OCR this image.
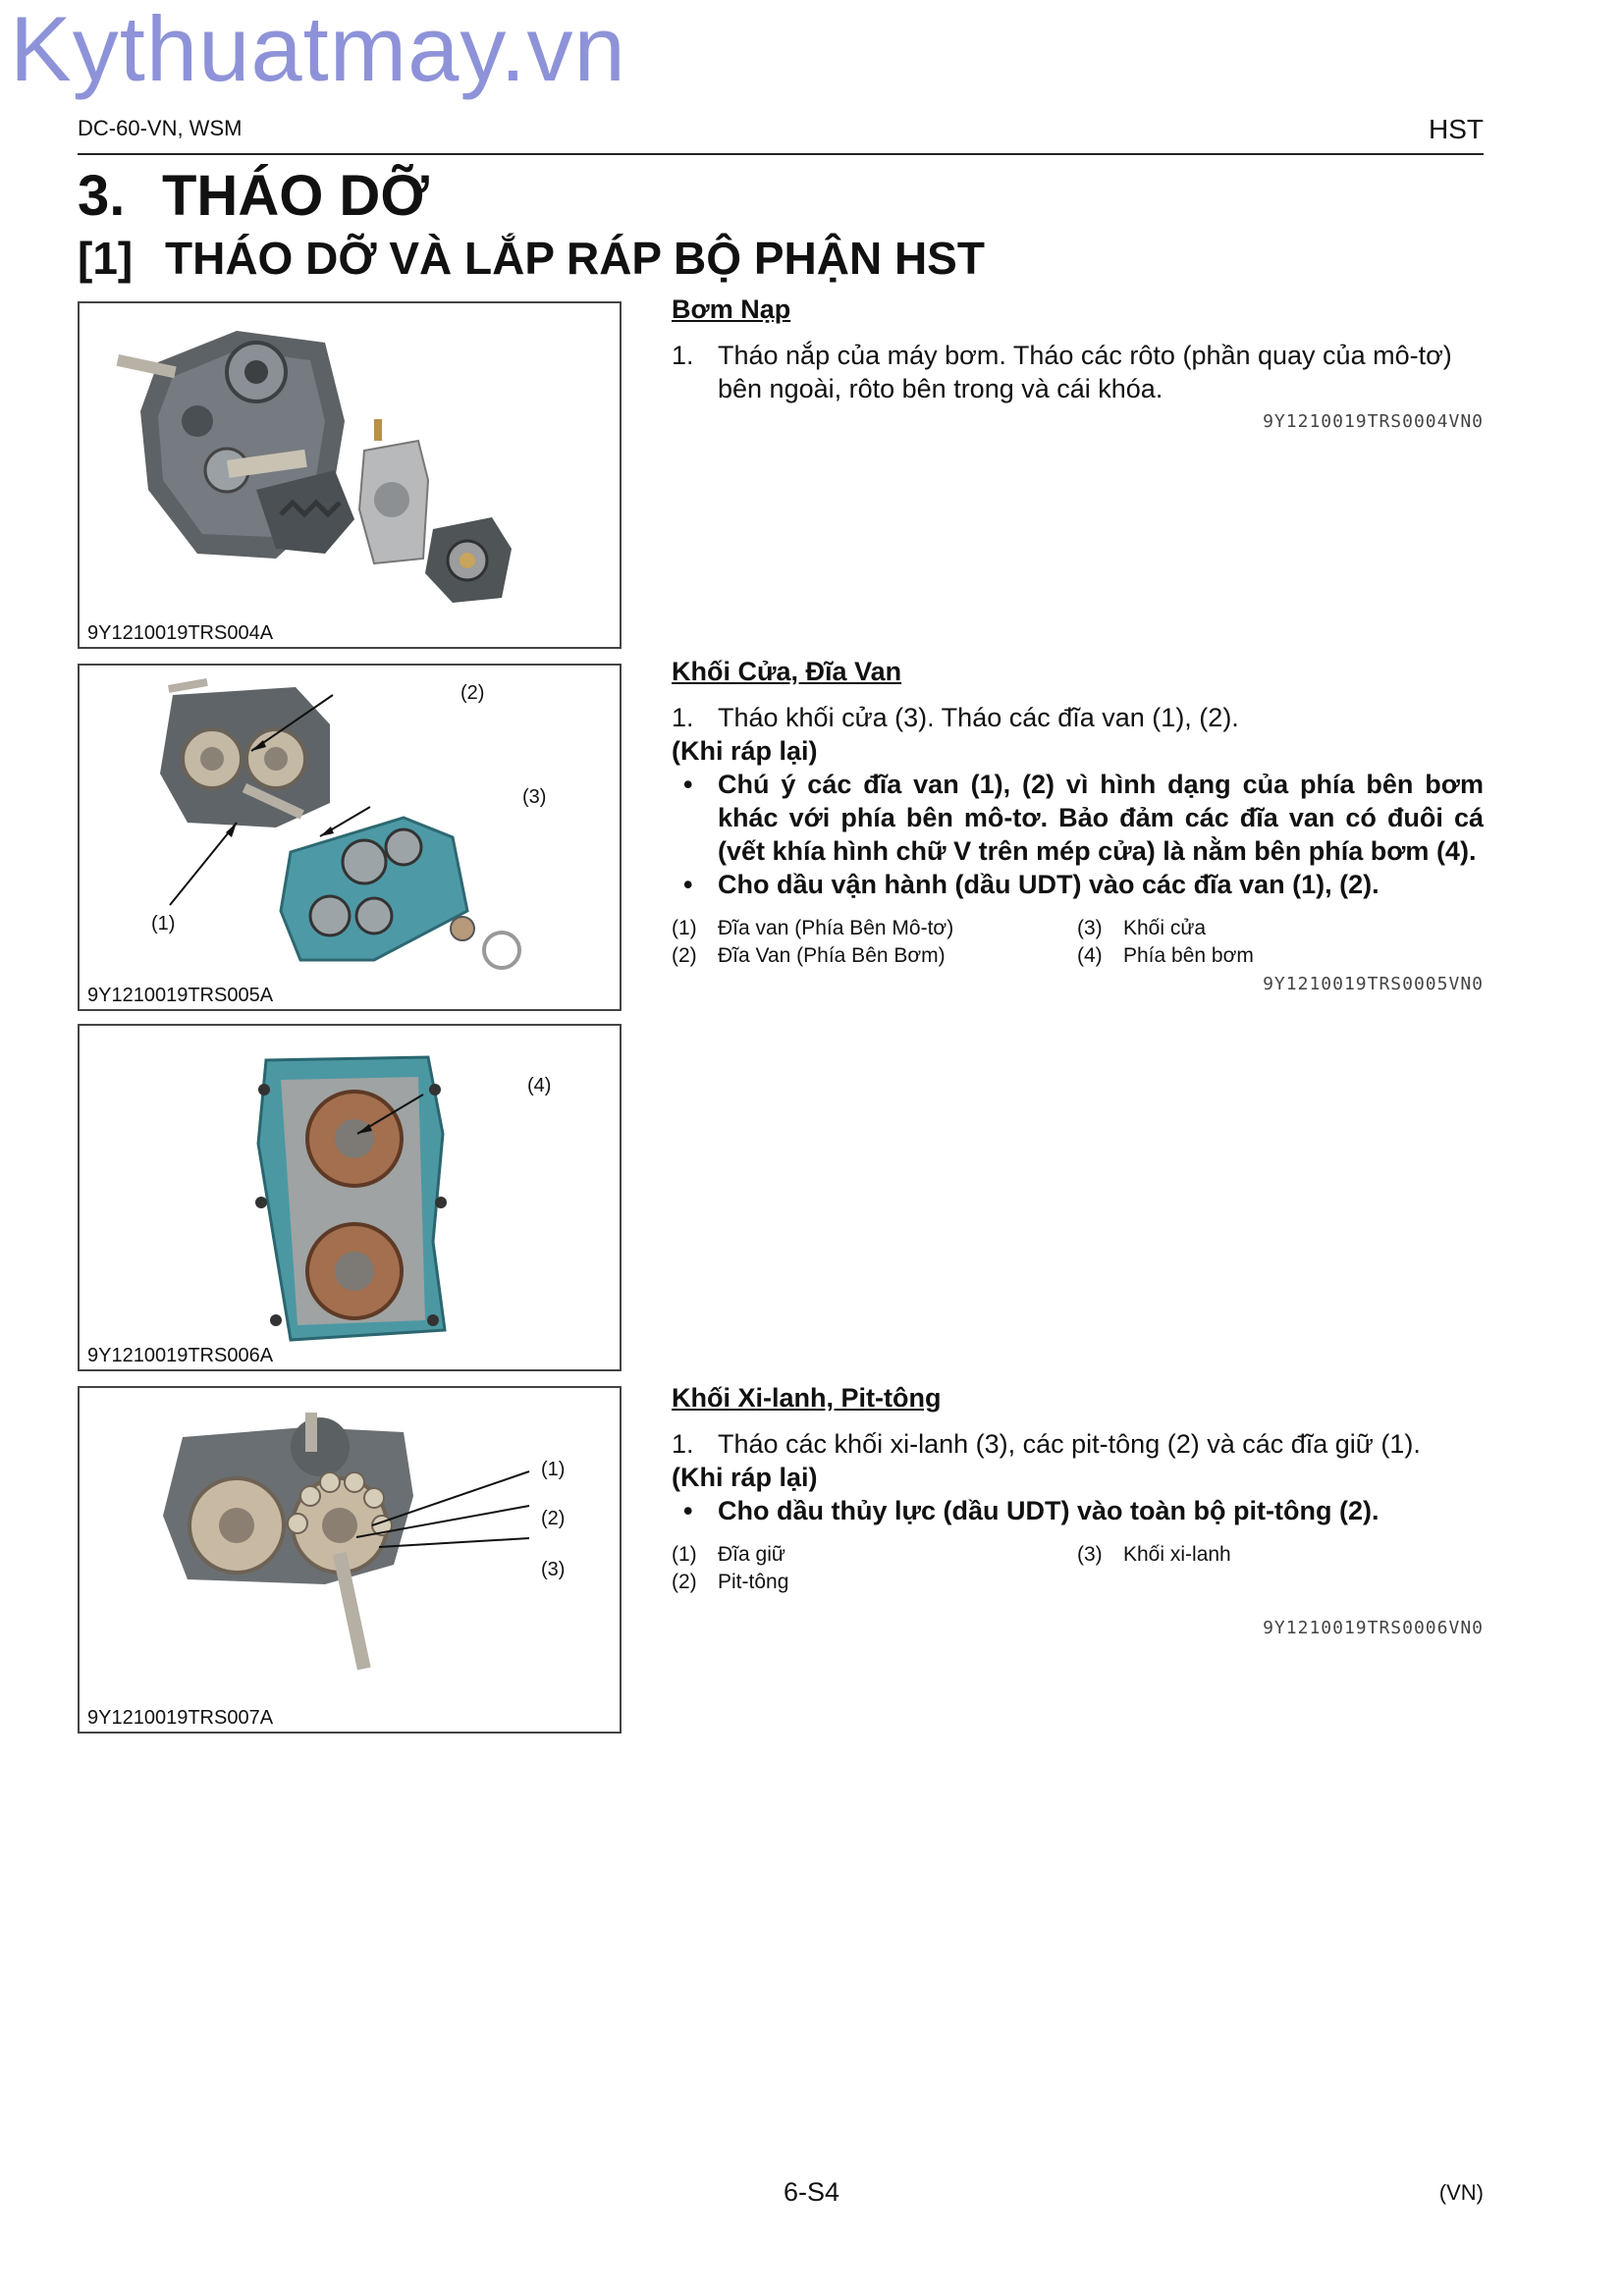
Kythuatmay.vn
DC-60-VN, WSM	HST
3. THÁO DỠ
[1] THÁO DỠ VÀ LẮP RÁP BỘ PHẬN HST
9Y1210019TRS004A
(2)
(3)
(1)
9Y1210019TRS005A
(4)
9Y1210019TRS006A
(1)
(2)
(3)
9Y1210019TRS007A
Bơm Nạp
1. Tháo nắp của máy bơm. Tháo các rôto (phần quay của mô-tơ) bên ngoài, rôto bên trong và cái khóa.
9Y1210019TRS0004VN0
Khối Cửa, Đĩa Van
1. Tháo khối cửa (3). Tháo các đĩa van (1), (2).
(Khi ráp lại)
• Chú ý các đĩa van (1), (2) vì hình dạng của phía bên bơm khác với phía bên mô-tơ. Bảo đảm các đĩa van có đuôi cá (vết khía hình chữ V trên mép cửa) là nằm bên phía bơm (4).
• Cho dầu vận hành (dầu UDT) vào các đĩa van (1), (2).
(1)	Đĩa van (Phía Bên Mô-tơ)	(3)	Khối cửa
(2)	Đĩa Van (Phía Bên Bơm)	(4)	Phía bên bơm
9Y1210019TRS0005VN0
Khối Xi-lanh, Pit-tông
1. Tháo các khối xi-lanh (3), các pit-tông (2) và các đĩa giữ (1).
(Khi ráp lại)
• Cho dầu thủy lực (dầu UDT) vào toàn bộ pit-tông (2).
(1)	Đĩa giữ	(3)	Khối xi-lanh
(2)	Pit-tông
9Y1210019TRS0006VN0
6-S4	(VN)
